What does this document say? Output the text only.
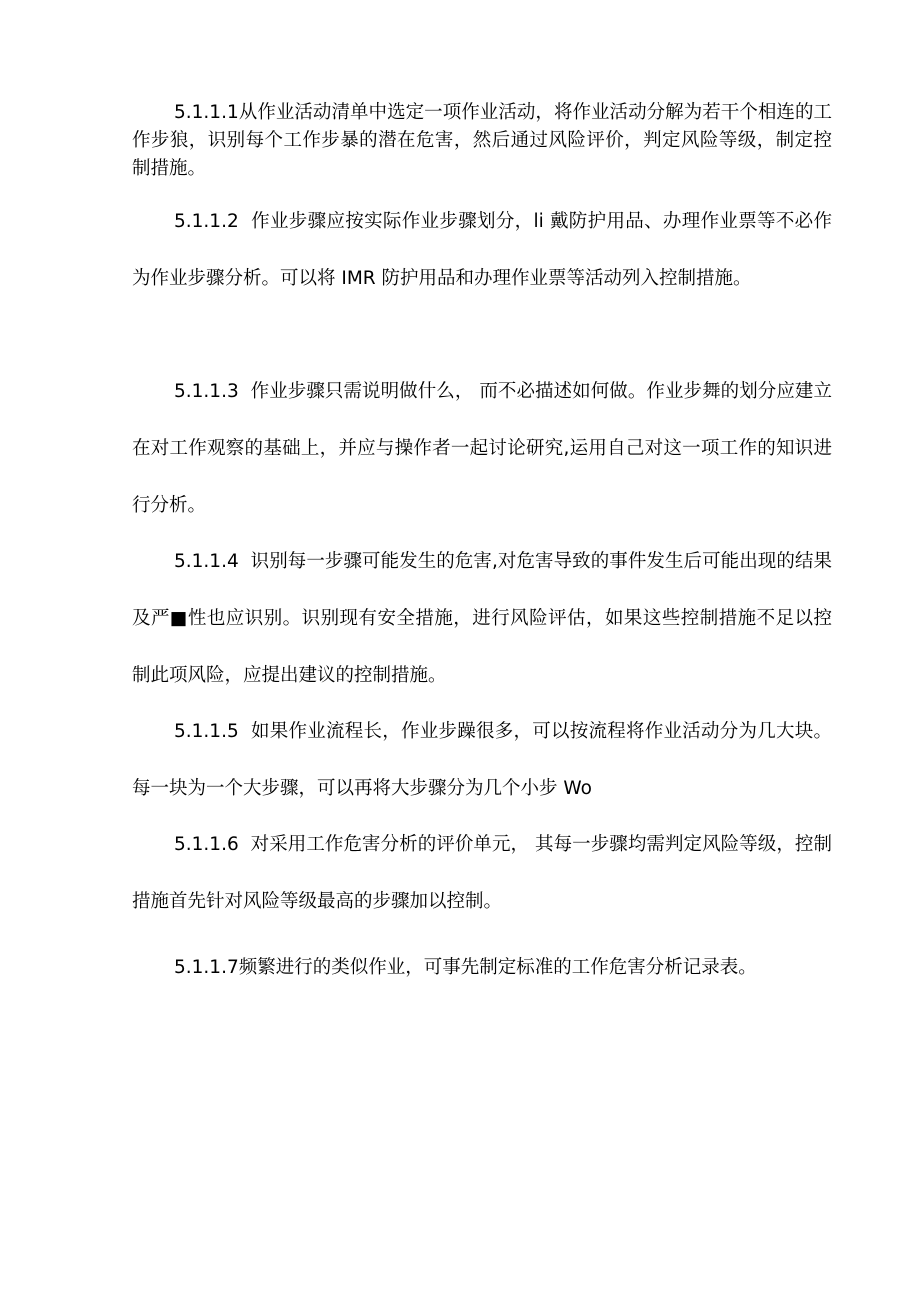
5.1.1.1从作业活动清单中选定一项作业活动，将作业活动分解为若干个相连的工作步狼，识别每个工作步暴的潜在危害，然后通过风险评价，判定风险等级，制定控制措施。

5.1.1.2 作业步骤应按实际作业步骤划分，li 戴防护用品、办理作业票等不必作为作业步骤分析。可以将 IMR 防护用品和办理作业票等活动列入控制措施。

5.1.1.3 作业步骤只需说明做什么， 而不必描述如何做。作业步舞的划分应建立在对工作观察的基础上，并应与操作者一起讨论研究,运用自己对这一项工作的知识进行分析。

5.1.1.4 识别每一步骤可能发生的危害,对危害导致的事件发生后可能出现的结果及严■性也应识别。识别现有安全措施，进行风险评估，如果这些控制措施不足以控制此项风险，应提出建议的控制措施。

5.1.1.5 如果作业流程长，作业步躁很多，可以按流程将作业活动分为几大块。每一块为一个大步骤，可以再将大步骤分为几个小步 Wo

5.1.1.6 对采用工作危害分析的评价单元， 其每一步骤均需判定风险等级，控制措施首先针对风险等级最高的步骤加以控制。

5.1.1.7频繁进行的类似作业，可事先制定标准的工作危害分析记录表。
